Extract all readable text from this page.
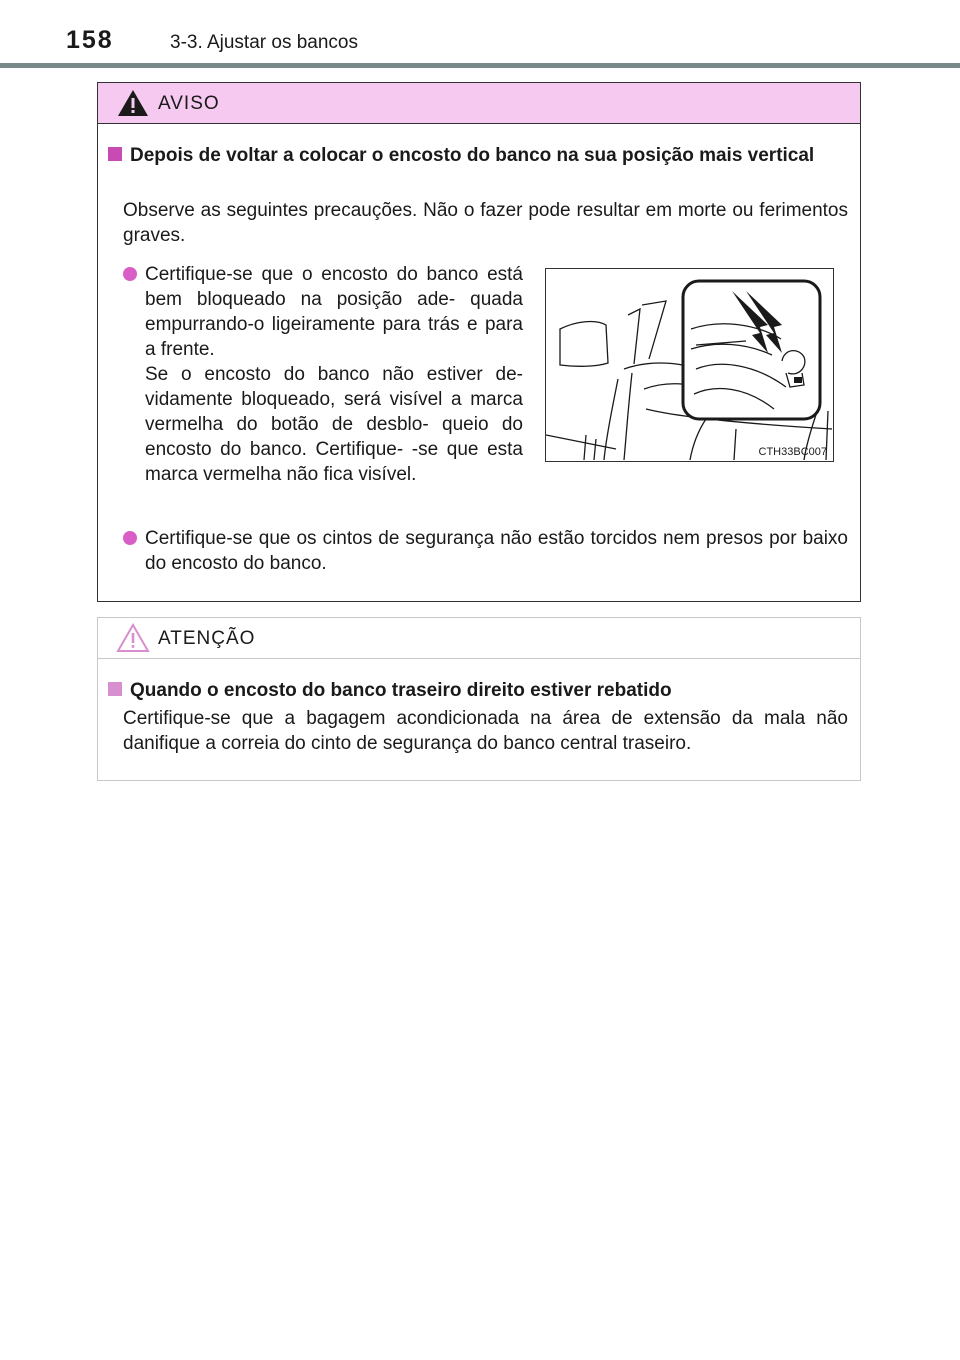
158	3-3. Ajustar os bancos
AVISO
Depois de voltar a colocar o encosto do banco na sua posição mais vertical
Observe as seguintes precauções. Não o fazer pode resultar em morte ou ferimentos graves.

Certifique-se que o encosto do banco está bem bloqueado na posição ade- quada empurrando-o ligeiramente para trás e para a frente.

Se o encosto do banco não estiver de- vidamente bloqueado, será visível a marca vermelha do botão de desblo- queio do encosto do banco. Certifique- -se que esta marca vermelha não fica visível.

CTH33BC007

Certifique-se que os cintos de segurança não estão torcidos nem presos por baixo do encosto do banco.

ATENÇÃO
Quando o encosto do banco traseiro direito estiver rebatido
Certifique-se que a bagagem acondicionada na área de extensão da mala não danifique a correia do cinto de segurança do banco central traseiro.
